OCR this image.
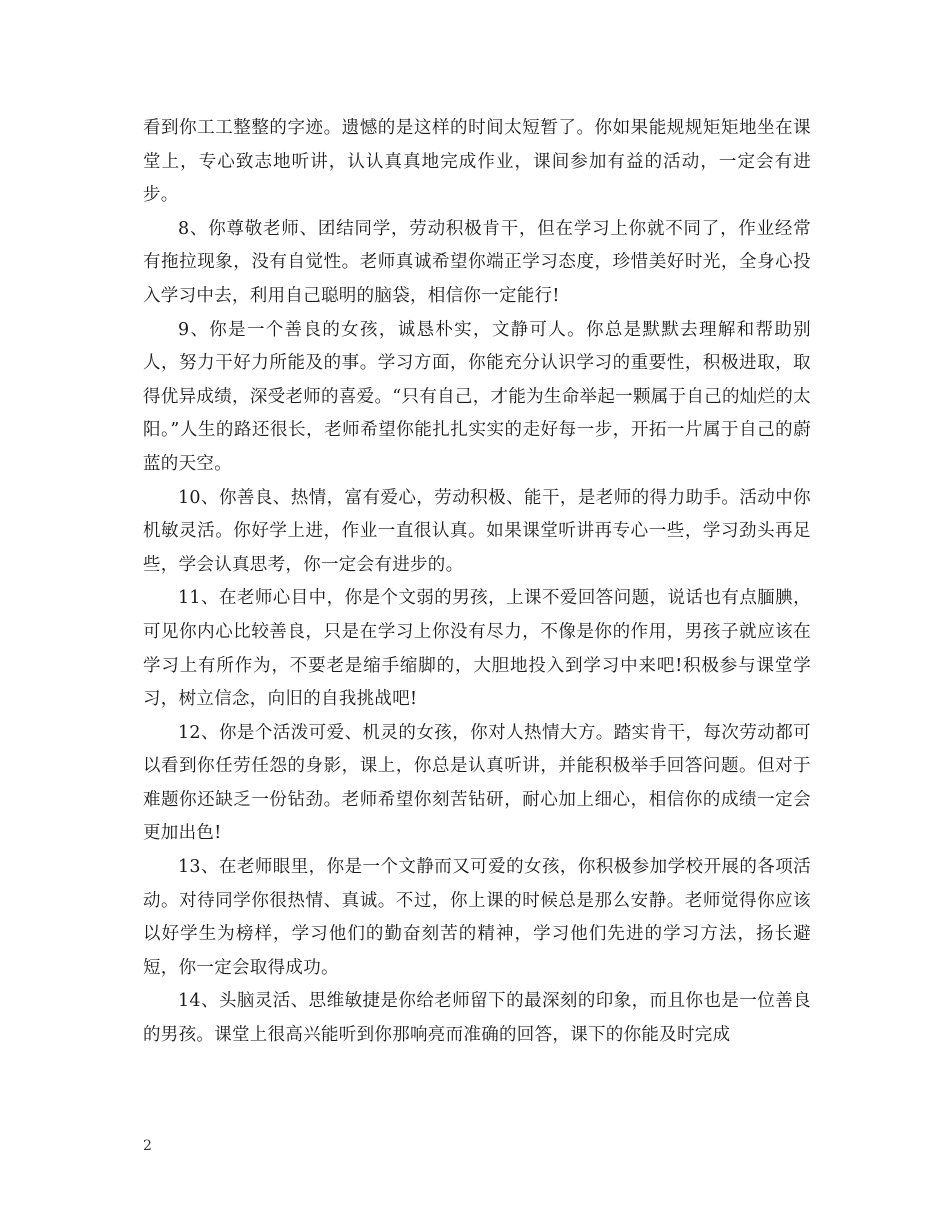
看到你工工整整的字迹。遗憾的是这样的时间太短暂了。你如果能规规矩矩地坐在课堂上，专心致志地听讲，认认真真地完成作业，课间参加有益的活动，一定会有进步。

8、你尊敬老师、团结同学，劳动积极肯干，但在学习上你就不同了，作业经常有拖拉现象，没有自觉性。老师真诚希望你端正学习态度，珍惜美好时光，全身心投入学习中去，利用自己聪明的脑袋，相信你一定能行!

9、你是一个善良的女孩，诚恳朴实，文静可人。你总是默默去理解和帮助别人，努力干好力所能及的事。学习方面，你能充分认识学习的重要性，积极进取，取得优异成绩，深受老师的喜爱。“只有自己，才能为生命举起一颗属于自己的灿烂的太阳。”人生的路还很长，老师希望你能扎扎实实的走好每一步，开拓一片属于自己的蔚蓝的天空。

10、你善良、热情，富有爱心，劳动积极、能干，是老师的得力助手。活动中你机敏灵活。你好学上进，作业一直很认真。如果课堂听讲再专心一些，学习劲头再足些，学会认真思考，你一定会有进步的。

11、在老师心目中，你是个文弱的男孩，上课不爱回答问题，说话也有点腼腆，可见你内心比较善良，只是在学习上你没有尽力，不像是你的作用，男孩子就应该在学习上有所作为，不要老是缩手缩脚的，大胆地投入到学习中来吧!积极参与课堂学习，树立信念，向旧的自我挑战吧!

12、你是个活泼可爱、机灵的女孩，你对人热情大方。踏实肯干，每次劳动都可以看到你任劳任怨的身影，课上，你总是认真听讲，并能积极举手回答问题。但对于难题你还缺乏一份钻劲。老师希望你刻苦钻研，耐心加上细心，相信你的成绩一定会更加出色!

13、在老师眼里，你是一个文静而又可爱的女孩，你积极参加学校开展的各项活动。对待同学你很热情、真诚。不过，你上课的时候总是那么安静。老师觉得你应该以好学生为榜样，学习他们的勤奋刻苦的精神，学习他们先进的学习方法，扬长避短，你一定会取得成功。

14、头脑灵活、思维敏捷是你给老师留下的最深刻的印象，而且你也是一位善良的男孩。课堂上很高兴能听到你那响亮而准确的回答，课下的你能及时完成

2
